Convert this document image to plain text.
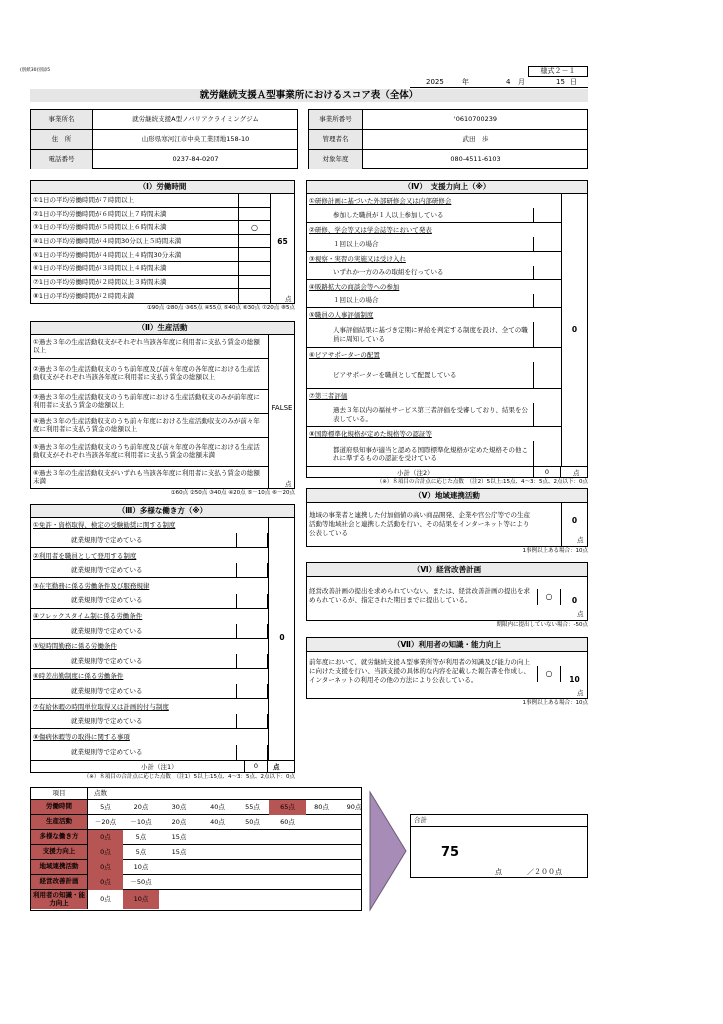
(別紙30)別添5	様式２－１
2025	年	4 月	15 日
就労継続支援Ａ型事業所におけるスコア表（全体）
事業所名	就労継続支援A型ノバリアクライミングジム
住　所	山形県寒河江市中央工業団地158-10
電話番号	0237-84-0207
事業所番号	'0610700239
管理者名	武田　歩
対象年度	080-4511-6103
（Ⅰ）労働時間
①1日の平均労働時間が７時間以上
②1日の平均労働時間が６時間以上７時間未満
③1日の平均労働時間が５時間以上６時間未満	○
④1日の平均労働時間が４時間30分以上５時間未満
⑤1日の平均労働時間が４時間以上４時間30分未満
⑥1日の平均労働時間が３時間以上４時間未満
⑦1日の平均労働時間が２時間以上３時間未満
⑧1日の平均労働時間が２時間未満
65
点
①90点 ②80点 ③65点 ④55点 ⑤40点 ⑥30点 ⑦20点 ⑧5点
（Ⅱ）生産活動
①過去３年の生産活動収支がそれぞれ当該各年度に利用者に支払う賃金の総額以上
②過去３年の生産活動収支のうち前年度及び前々年度の各年度における生産活動収支がそれぞれ当該各年度に利用者に支払う賃金の総額以上
③過去３年の生産活動収支のうち前年度における生産活動収支のみが前年度に利用者に支払う賃金の総額以上
④過去３年の生産活動収支のうち前々年度における生産活動収支のみが前々年度に利用者に支払う賃金の総額以上
⑤過去３年の生産活動収支のうち前年度及び前々年度の各年度における生産活動収支がそれぞれ当該各年度に利用者に支払う賃金の総額未満
⑥過去３年の生産活動収支がいずれも当該各年度に利用者に支払う賃金の総額未満
FALSE
点
①60点 ②50点 ③40点 ④20点 ⑤－10点 ⑥－20点
（Ⅲ）多様な働き方（※）
①免許・資格取得、検定の受験勧奨に関する制度
就業規則等で定めている
②利用者を職員として登用する制度
就業規則等で定めている
③在宅勤務に係る労働条件及び服務規律
就業規則等で定めている
④フレックスタイム制に係る労働条件
就業規則等で定めている
⑤短時間勤務に係る労働条件
就業規則等で定めている
⑥時差出勤制度に係る労働条件
就業規則等で定めている
⑦有給休暇の時間単位取得又は計画的付与制度
就業規則等で定めている
⑧傷病休暇等の取得に関する事項
就業規則等で定めている
0
小計（注1）	0	点
（※）８項目の合計点に応じた点数　（注1）5以上:15点、4～3：5点、2点以下：0点
（Ⅳ）　支援力向上（※）
①研修計画に基づいた外部研修会又は内部研修会
参加した職員が１人以上参加している
②研修、学会等又は学会誌等において発表
１回以上の場合
③視察・実習の実施又は受け入れ
いずれか一方のみの取組を行っている
④販路拡大の商談会等への参加
１回以上の場合
⑤職員の人事評価制度
人事評価結果に基づき定期に昇給を判定する制度を設け、全ての職員に周知している
⑥ピアサポーターの配置
ピアサポーターを職員として配置している
⑦第三者評価
過去３年以内の福祉サービス第三者評価を受審しており、結果を公表している。
⑧国際標準化規格が定めた規格等の認証等
都道府県知事が適当と認める国際標準化規格が定めた規格その他これに準ずるものの認証を受けている
0
小計（注2）	0	点
（※）８項目の合計点に応じた点数　（注2）5以上:15点、4～3：5点、2点以下：0点
（Ⅴ）地域連携活動
地域の事業者と連携した付加価値の高い商品開発、企業や官公庁等での生産活動等地域社会と連携した活動を行い、その結果をインターネット等により公表している
0
点
1事例以上ある場合：10点
（Ⅵ）経営改善計画
経営改善計画の提出を求められていない。または、経営改善計画の提出を求められているが、指定された期日までに提出している。	○	0
点
期限内に提出していない場合：-50点
（Ⅶ）利用者の知識・能力向上
前年度において、就労継続支援Ａ型事業所等が利用者の知識及び能力の向上に向けた支援を行い、当該支援の具体的な内容を記載した報告書を作成し、インターネットの利用その他の方法により公表している。
○
10
点
1事例以上ある場合：10点
項目	点数
労働時間	5点	20点	30点	40点	55点	65点	80点	90点
生産活動	－20点	－10点	20点	40点	50点	60点
多様な働き方	0点	5点	15点
支援力向上	0点	5点	15点
地域連携活動	0点	10点
経営改善計画	0点	－50点
利用者の知識・能力向上	0点	10点
合計
75
点	／２００点
